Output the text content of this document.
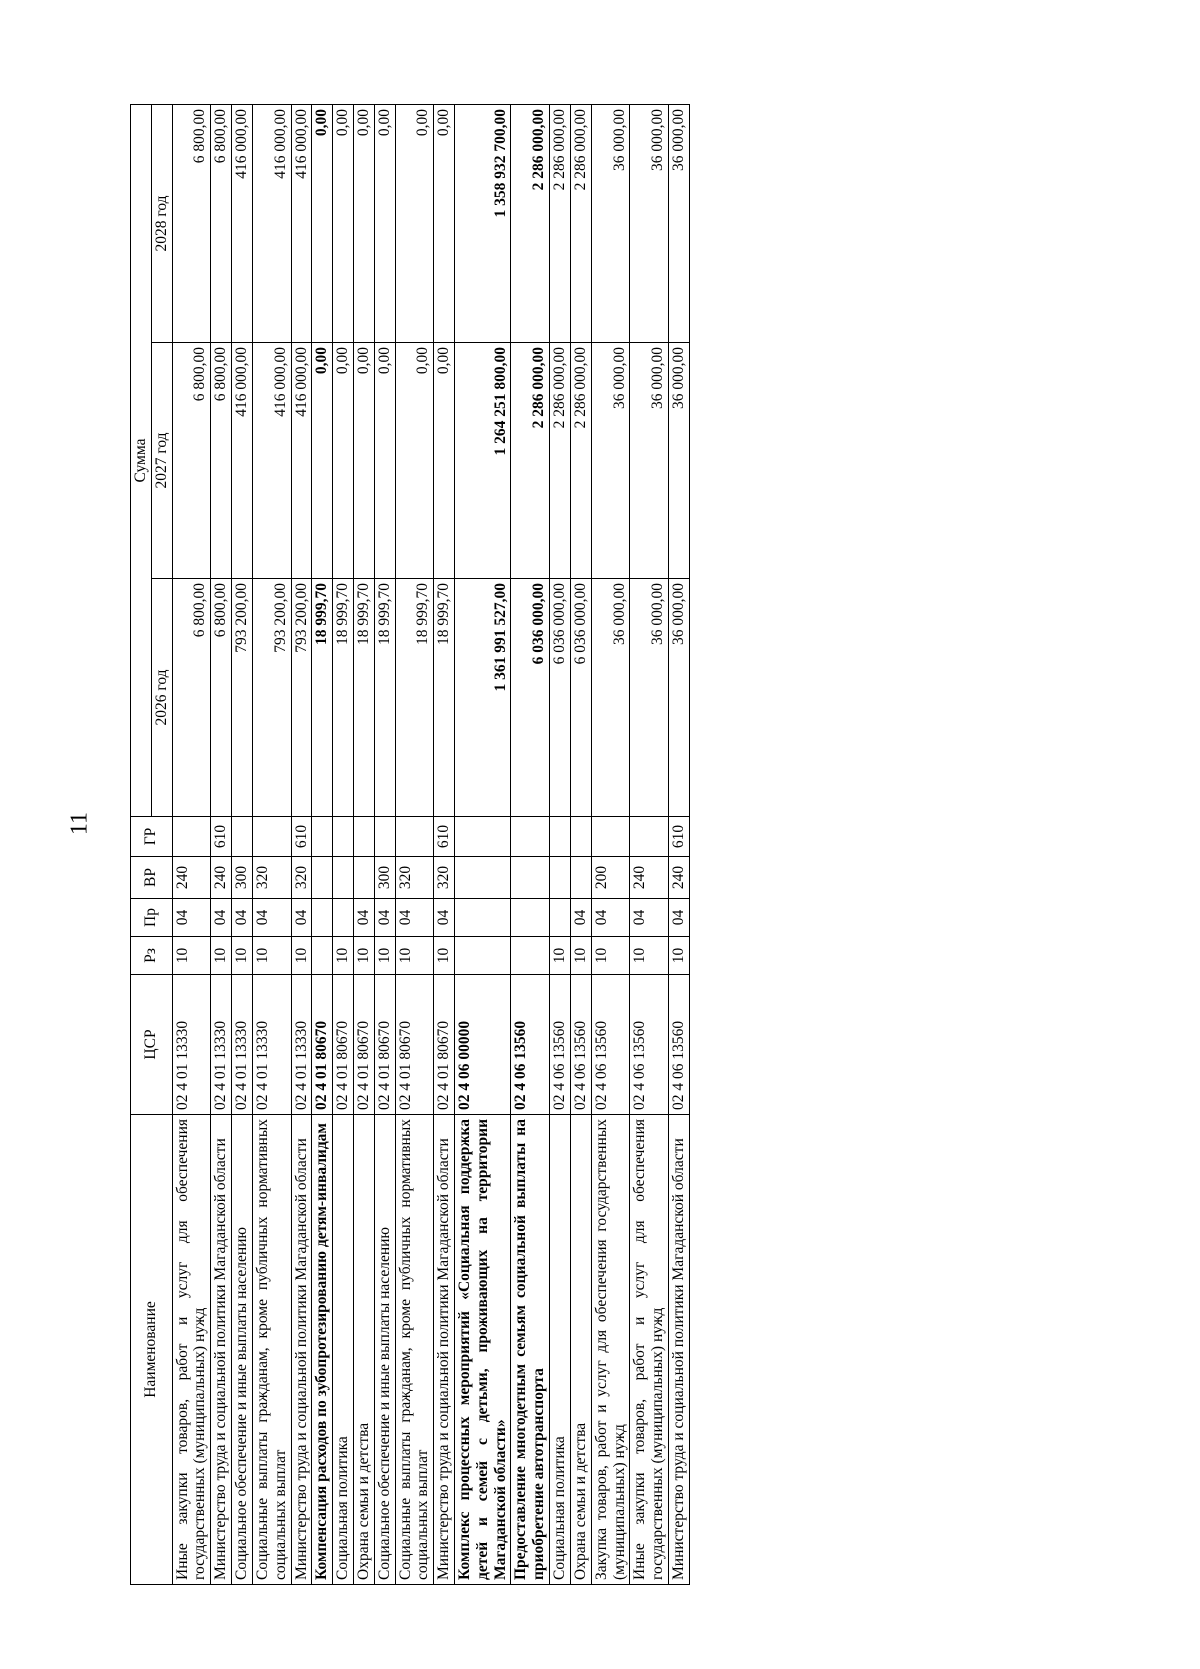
11
Наименование	ЦСР	Рз	Пр	ВР	ГР	Сумма		
						2026 год	2027 год	2028 год
Иные закупки товаров, работ и услуг для обеспечения государственных (муниципальных) нужд	02 4 01 13330	10	04	240		6 800,00	6 800,00	6 800,00
Министерство труда и социальной политики Магаданской области	02 4 01 13330	10	04	240	610	6 800,00	6 800,00	6 800,00
Социальное обеспечение и иные выплаты населению	02 4 01 13330	10	04	300		793 200,00	416 000,00	416 000,00
Социальные выплаты гражданам, кроме публичных нормативных социальных выплат	02 4 01 13330	10	04	320		793 200,00	416 000,00	416 000,00
Министерство труда и социальной политики Магаданской области	02 4 01 13330	10	04	320	610	793 200,00	416 000,00	416 000,00
Компенсация расходов по зубопротезированию детям-инвалидам	02 4 01 80670					18 999,70	0,00	0,00
Социальная политика	02 4 01 80670	10				18 999,70	0,00	0,00
Охрана семьи и детства	02 4 01 80670	10	04			18 999,70	0,00	0,00
Социальное обеспечение и иные выплаты населению	02 4 01 80670	10	04	300		18 999,70	0,00	0,00
Социальные выплаты гражданам, кроме публичных нормативных социальных выплат	02 4 01 80670	10	04	320		18 999,70	0,00	0,00
Министерство труда и социальной политики Магаданской области	02 4 01 80670	10	04	320	610	18 999,70	0,00	0,00
Комплекс процессных мероприятий «Социальная поддержка детей и семей с детьми, проживающих на территории Магаданской области»	02 4 06 00000					1 361 991 527,00	1 264 251 800,00	1 358 932 700,00
Предоставление многодетным семьям социальной выплаты на приобретение автотранспорта	02 4 06 13560					6 036 000,00	2 286 000,00	2 286 000,00
Социальная политика	02 4 06 13560	10				6 036 000,00	2 286 000,00	2 286 000,00
Охрана семьи и детства	02 4 06 13560	10	04			6 036 000,00	2 286 000,00	2 286 000,00
Закупка товаров, работ и услуг для обеспечения государственных (муниципальных) нужд	02 4 06 13560	10	04	200		36 000,00	36 000,00	36 000,00
Иные закупки товаров, работ и услуг для обеспечения государственных (муниципальных) нужд	02 4 06 13560	10	04	240		36 000,00	36 000,00	36 000,00
Министерство труда и социальной политики Магаданской области	02 4 06 13560	10	04	240	610	36 000,00	36 000,00	36 000,00
